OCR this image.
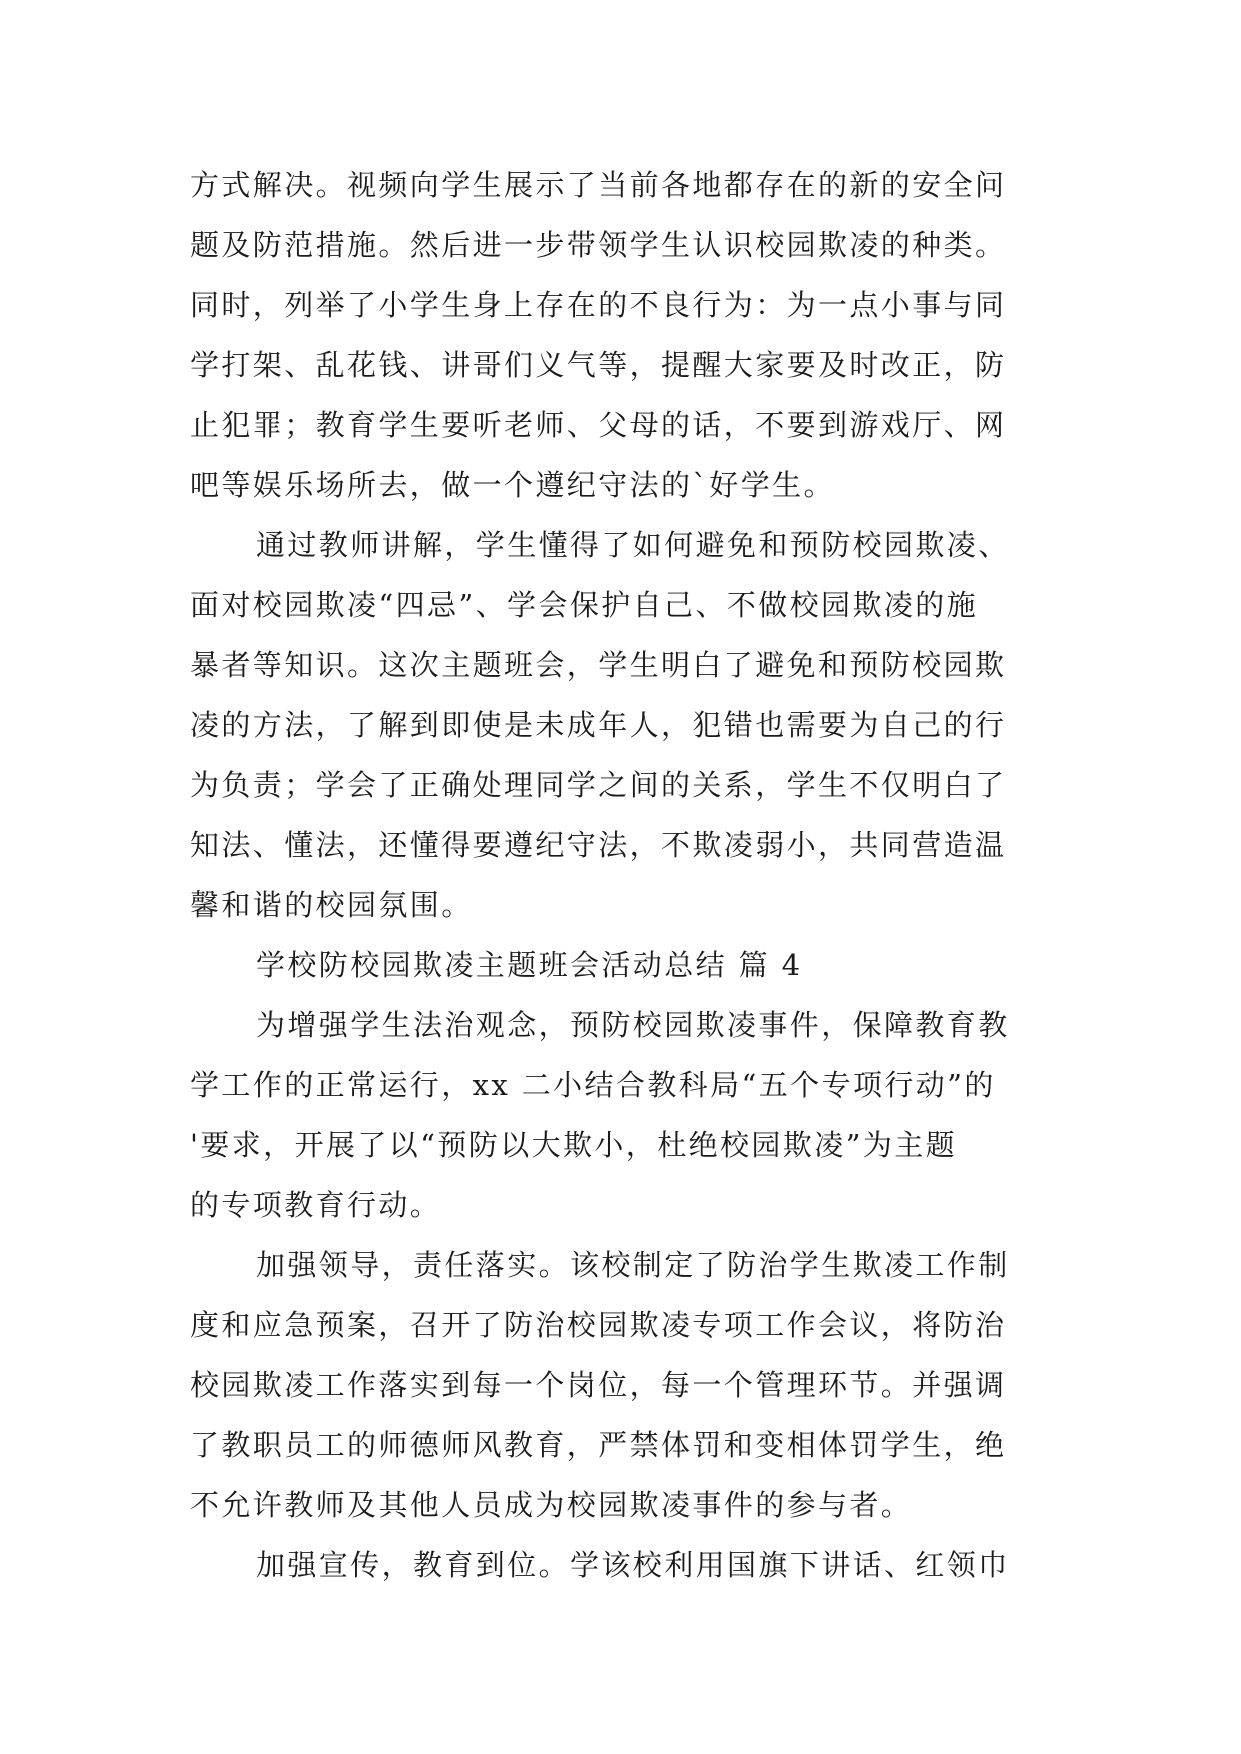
方式解决。视频向学生展示了当前各地都存在的新的安全问
题及防范措施。然后进一步带领学生认识校园欺凌的种类。
同时，列举了小学生身上存在的不良行为：为一点小事与同
学打架、乱花钱、讲哥们义气等，提醒大家要及时改正，防
止犯罪；教育学生要听老师、父母的话，不要到游戏厅、网
吧等娱乐场所去，做一个遵纪守法的`好学生。
通过教师讲解，学生懂得了如何避免和预防校园欺凌、
面对校园欺凌“四忌”、学会保护自己、不做校园欺凌的施
暴者等知识。这次主题班会，学生明白了避免和预防校园欺
凌的方法，了解到即使是未成年人，犯错也需要为自己的行
为负责；学会了正确处理同学之间的关系，学生不仅明白了
知法、懂法，还懂得要遵纪守法，不欺凌弱小，共同营造温
馨和谐的校园氛围。
学校防校园欺凌主题班会活动总结 篇 4
为增强学生法治观念，预防校园欺凌事件，保障教育教
学工作的正常运行，xx 二小结合教科局“五个专项行动”的
'要求，开展了以“预防以大欺小，杜绝校园欺凌”为主题
的专项教育行动。
加强领导，责任落实。该校制定了防治学生欺凌工作制
度和应急预案，召开了防治校园欺凌专项工作会议，将防治
校园欺凌工作落实到每一个岗位，每一个管理环节。并强调
了教职员工的师德师风教育，严禁体罚和变相体罚学生，绝
不允许教师及其他人员成为校园欺凌事件的参与者。
加强宣传，教育到位。学该校利用国旗下讲话、红领巾
